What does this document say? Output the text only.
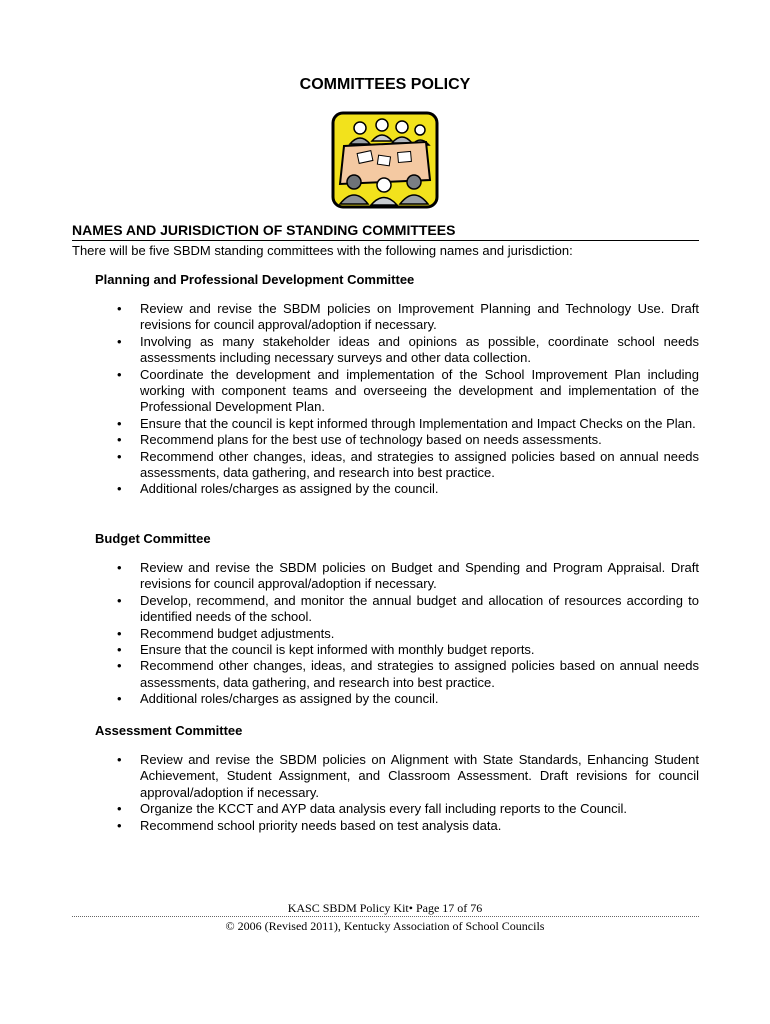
COMMITTEES POLICY
NAMES AND JURISDICTION OF STANDING COMMITTEES
There will be five SBDM standing committees with the following names and jurisdiction:
Planning and Professional Development Committee
• Review and revise the SBDM policies on Improvement Planning and Technology Use. Draft revisions for council approval/adoption if necessary.
• Involving as many stakeholder ideas and opinions as possible, coordinate school needs assessments including necessary surveys and other data collection.
• Coordinate the development and implementation of the School Improvement Plan including working with component teams and overseeing the development and implementation of the Professional Development Plan.
• Ensure that the council is kept informed through Implementation and Impact Checks on the Plan.
• Recommend plans for the best use of technology based on needs assessments.
• Recommend other changes, ideas, and strategies to assigned policies based on annual needs assessments, data gathering, and research into best practice.
• Additional roles/charges as assigned by the council.
Budget Committee
• Review and revise the SBDM policies on Budget and Spending and Program Appraisal. Draft revisions for council approval/adoption if necessary.
• Develop, recommend, and monitor the annual budget and allocation of resources according to identified needs of the school.
• Recommend budget adjustments.
• Ensure that the council is kept informed with monthly budget reports.
• Recommend other changes, ideas, and strategies to assigned policies based on annual needs assessments, data gathering, and research into best practice.
• Additional roles/charges as assigned by the council.
Assessment Committee
• Review and revise the SBDM policies on Alignment with State Standards, Enhancing Student Achievement, Student Assignment, and Classroom Assessment. Draft revisions for council approval/adoption if necessary.
• Organize the KCCT and AYP data analysis every fall including reports to the Council.
• Recommend school priority needs based on test analysis data.
KASC SBDM Policy Kit• Page 17 of 76
© 2006 (Revised 2011), Kentucky Association of School Councils
